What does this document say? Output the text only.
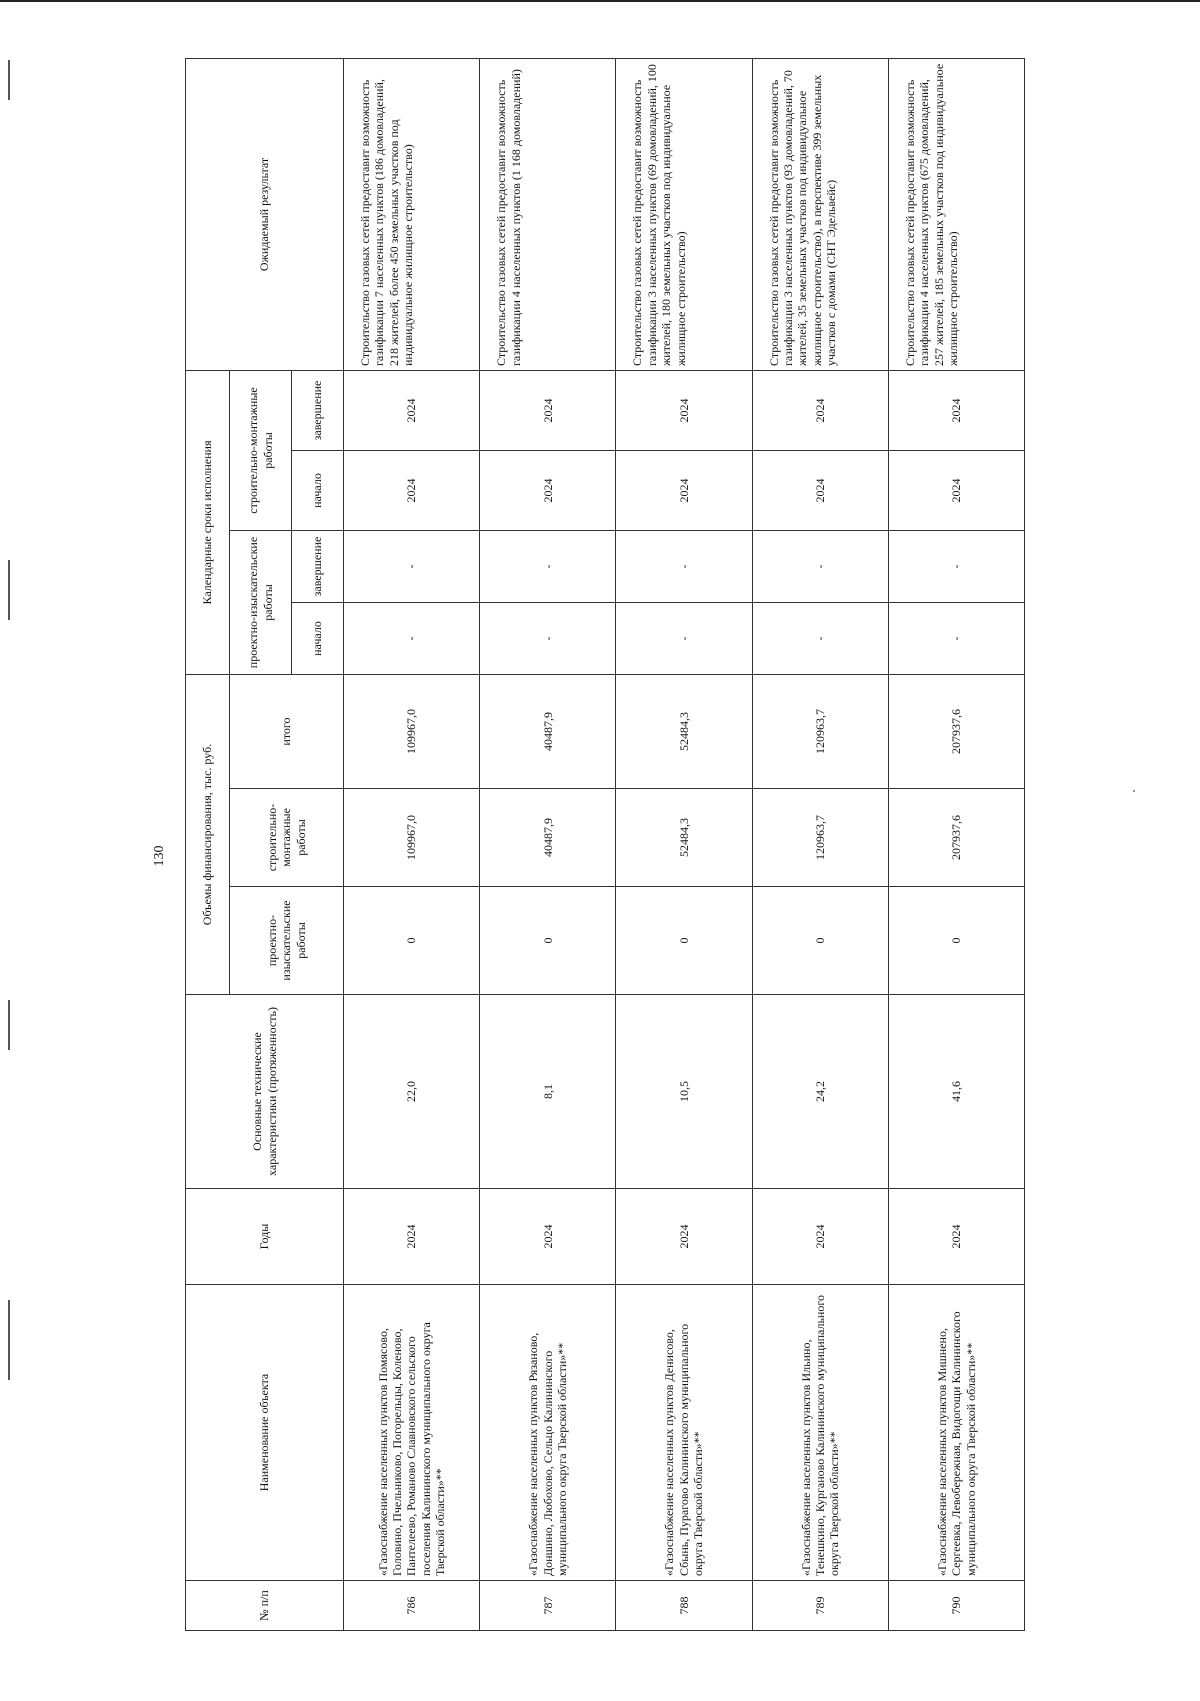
130
№ п/п	Наименование объекта	Годы	Основные технические характеристики (протяженность)	Объемы финансирования, тыс. руб.			Календарные сроки исполнения				Ожидаемый результат
				проектно-изыскательские работы	строительно-монтажные работы	итого	проектно-изыскательские работы		строительно-монтажные работы		
							начало	завершение	начало	завершение	
786	«Газоснабжение населенных пунктов Помясово, Головино, Пчельниково, Погорельцы, Коленово, Пантелеево, Романово Славновского сельского поселения Калининского муниципального округа Тверской области»**	2024	22,0	0	109967,0	109967,0	-	-	2024	2024	Строительство газовых сетей предоставит возможность газификации 7 населенных пунктов (186 домовладений, 218 жителей, более 450 земельных участков под индивидуальное жилищное строительство)
787	«Газоснабжение населенных пунктов Рязаново, Доншино, Любохово, Сельцо Калининского муниципального округа Тверской области»**	2024	8,1	0	40487,9	40487,9	-	-	2024	2024	Строительство газовых сетей предоставит возможность газификации 4 населенных пунктов (1 168 домовладений)
788	«Газоснабжение населенных пунктов Денисово, Сбынь, Пурагово Калининского муниципального округа Тверской области»**	2024	10,5	0	52484,3	52484,3	-	-	2024	2024	Строительство газовых сетей предоставит возможность газификации 3 населенных пунктов (69 домовладений, 100 жителей, 180 земельных участков под индивидуальное жилищное строительство)
789	«Газоснабжение населенных пунктов Ильино, Тенешкино, Курганово Калининского муниципального округа Тверской области»**	2024	24,2	0	120963,7	120963,7	-	-	2024	2024	Строительство газовых сетей предоставит возможность газификации 3 населенных пунктов (93 домовладений, 70 жителей, 35 земельных участков под индивидуальное жилищное строительство), в перспективе 399 земельных участков с домами (СНТ Эдельвейс)
790	«Газоснабжение населенных пунктов Мишнено, Сергеевка, Левобережная, Видогощи Калининского муниципального округа Тверской области»**	2024	41,6	0	207937,6	207937,6	-	-	2024	2024	Строительство газовых сетей предоставит возможность газификации 4 населенных пунктов (675 домовладений, 257 жителей, 185 земельных участков под индивидуальное жилищное строительство)
